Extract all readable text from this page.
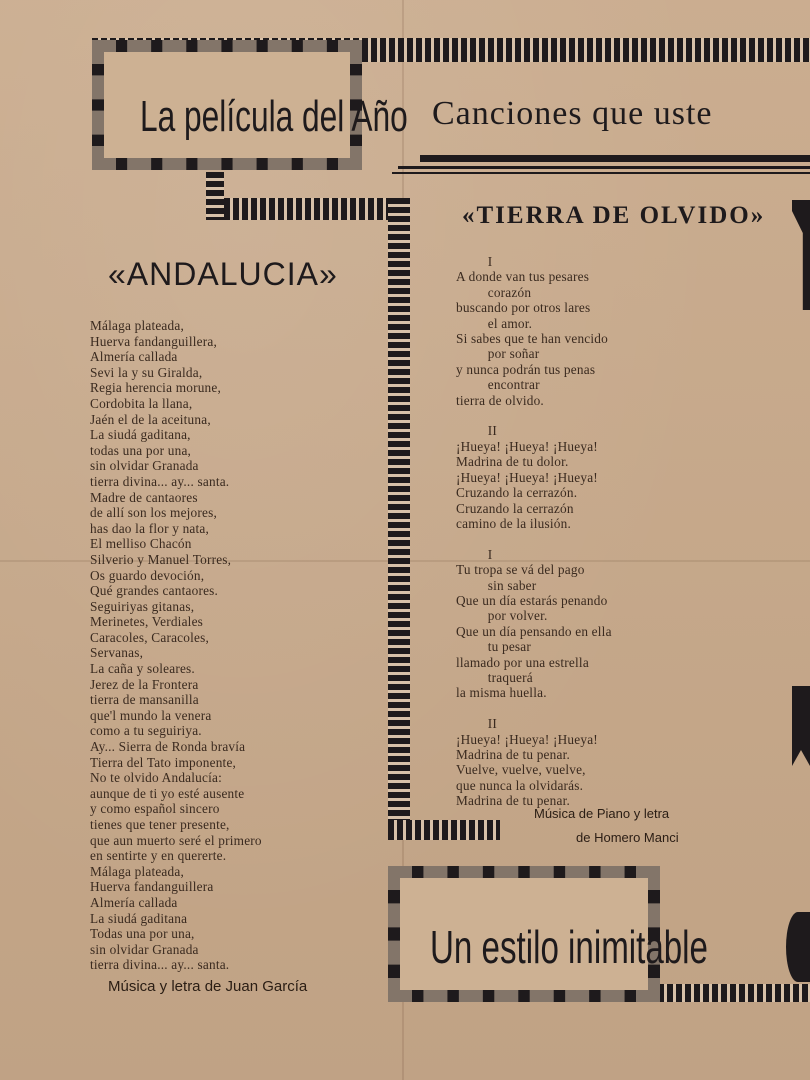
La película del Año
Un estilo inimitable
Canciones que uste
«ANDALUCIA»
Málaga plateada,
Huerva fandanguillera,
Almería callada
Sevi la y su Giralda,
Regia herencia morune,
Cordobita la llana,
Jaén el de la aceituna,
La siudá gaditana,
todas una por una,
sin olvidar Granada
tierra divina... ay... santa.
Madre de cantaores
de allí son los mejores,
has dao la flor y nata,
El melliso Chacón
Silverio y Manuel Torres,
Os guardo devoción,
Qué grandes cantaores.
Seguiriyas gitanas,
Merinetes, Verdiales
Caracoles, Caracoles,
Servanas,
La caña y soleares.
Jerez de la Frontera
tierra de mansanilla
que'l mundo la venera
como a tu seguiriya.
Ay... Sierra de Ronda bravía
Tierra del Tato imponente,
No te olvido Andalucía:
aunque de ti yo esté ausente
y como español sincero
tienes que tener presente,
que aun muerto seré el primero
en sentirte y en quererte.
Málaga plateada,
Huerva fandanguillera
Almería callada
La siudá gaditana
Todas una por una,
sin olvidar Granada
tierra divina... ay... santa.
Música y letra de Juan García
«TIERRA DE OLVIDO»
I
A donde van tus pesares
corazón
buscando por otros lares
el amor.
Si sabes que te han vencido
por soñar
y nunca podrán tus penas
encontrar
tierra de olvido.

II
¡Hueya! ¡Hueya! ¡Hueya!
Madrina de tu dolor.
¡Hueya! ¡Hueya! ¡Hueya!
Cruzando la cerrazón.
Cruzando la cerrazón
camino de la ilusión.

I
Tu tropa se vá del pago
sin saber
Que un día estarás penando
por volver.
Que un día pensando en ella
tu pesar
llamado por una estrella
traquerá
la misma huella.

II
¡Hueya! ¡Hueya! ¡Hueya!
Madrina de tu penar.
Vuelve, vuelve, vuelve,
que nunca la olvidarás.
Madrina de tu penar.
Música de Piano y letra
de Homero Manci
